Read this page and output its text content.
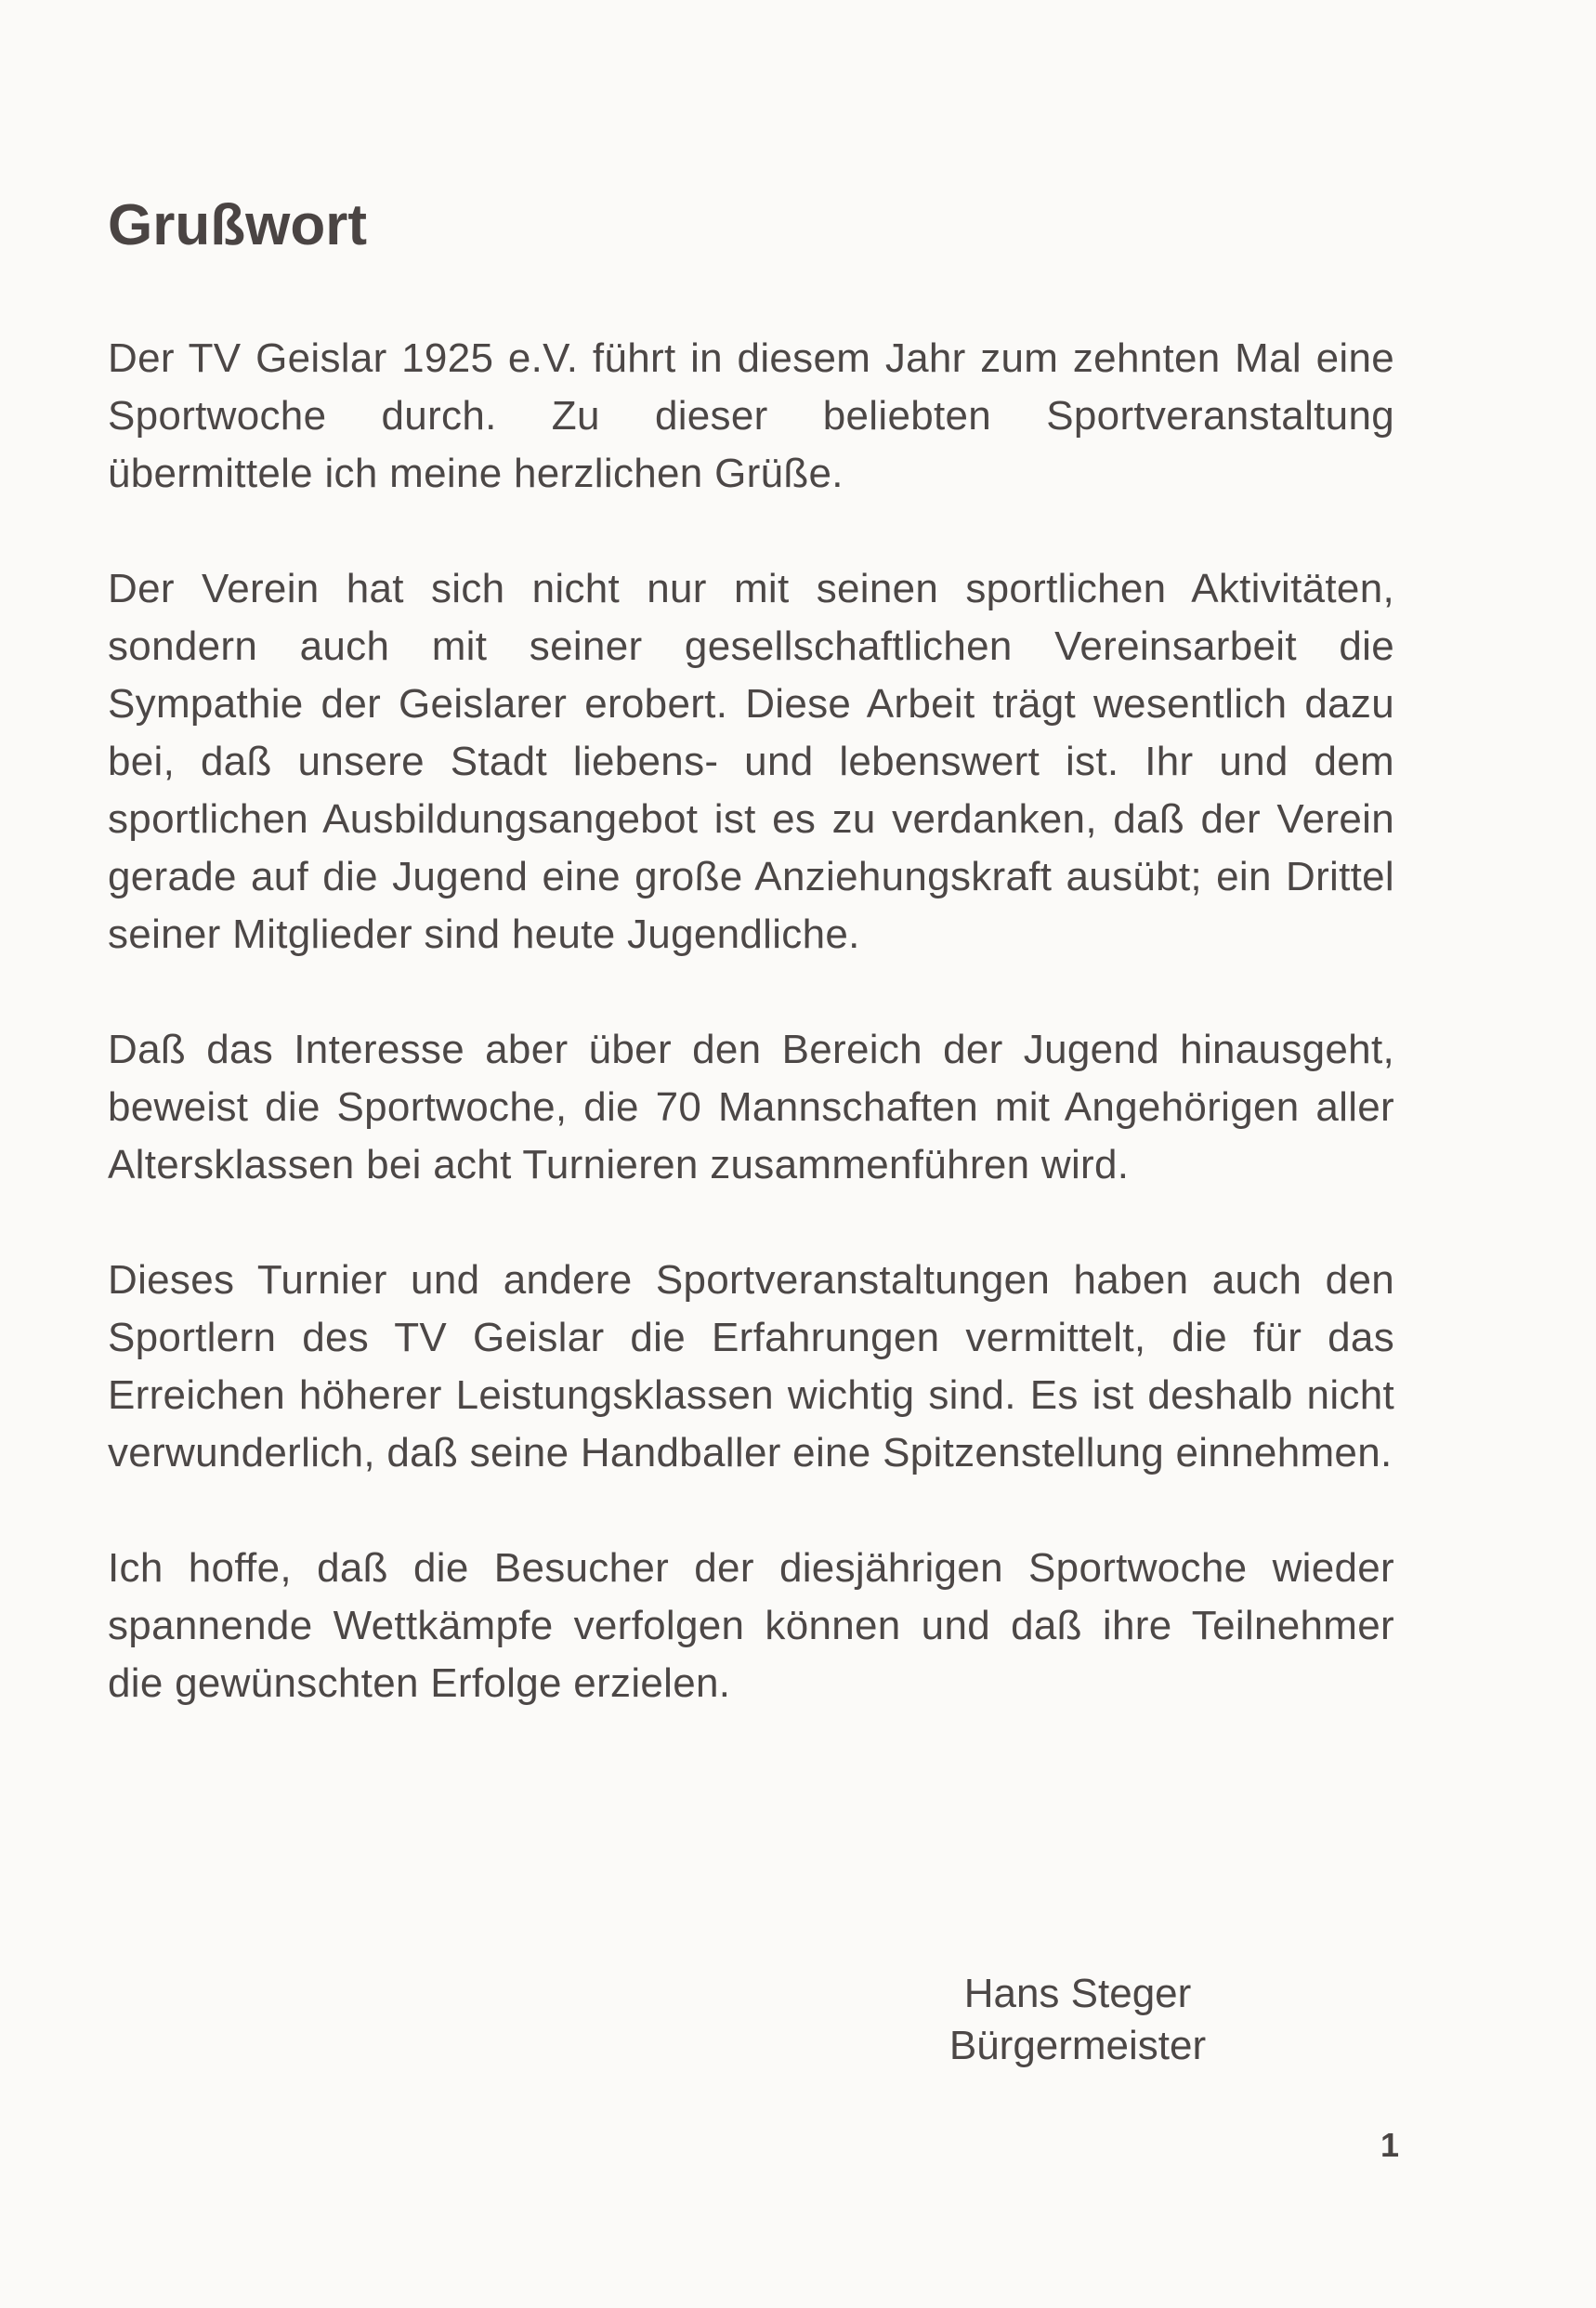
Grußwort

Der TV Geislar 1925 e.V. führt in diesem Jahr zum zehnten Mal eine Sportwoche durch. Zu dieser beliebten Sportveranstaltung übermittele ich meine herzlichen Grüße.

Der Verein hat sich nicht nur mit seinen sportlichen Aktivitäten, sondern auch mit seiner gesellschaftlichen Vereinsarbeit die Sympathie der Geislarer erobert. Diese Arbeit trägt wesentlich dazu bei, daß unsere Stadt liebens- und lebenswert ist. Ihr und dem sportlichen Ausbildungsangebot ist es zu verdanken, daß der Verein gerade auf die Jugend eine große Anziehungskraft ausübt; ein Drittel seiner Mitglieder sind heute Jugendliche.

Daß das Interesse aber über den Bereich der Jugend hinausgeht, beweist die Sportwoche, die 70 Mannschaften mit Angehörigen aller Altersklassen bei acht Turnieren zusammenführen wird.

Dieses Turnier und andere Sportveranstaltungen haben auch den Sportlern des TV Geislar die Erfahrungen vermittelt, die für das Erreichen höherer Leistungsklassen wichtig sind. Es ist deshalb nicht verwunderlich, daß seine Handballer eine Spitzenstellung einnehmen.

Ich hoffe, daß die Besucher der diesjährigen Sportwoche wieder spannende Wettkämpfe verfolgen können und daß ihre Teilnehmer die gewünschten Erfolge erzielen.

Hans Steger
Bürgermeister
1
